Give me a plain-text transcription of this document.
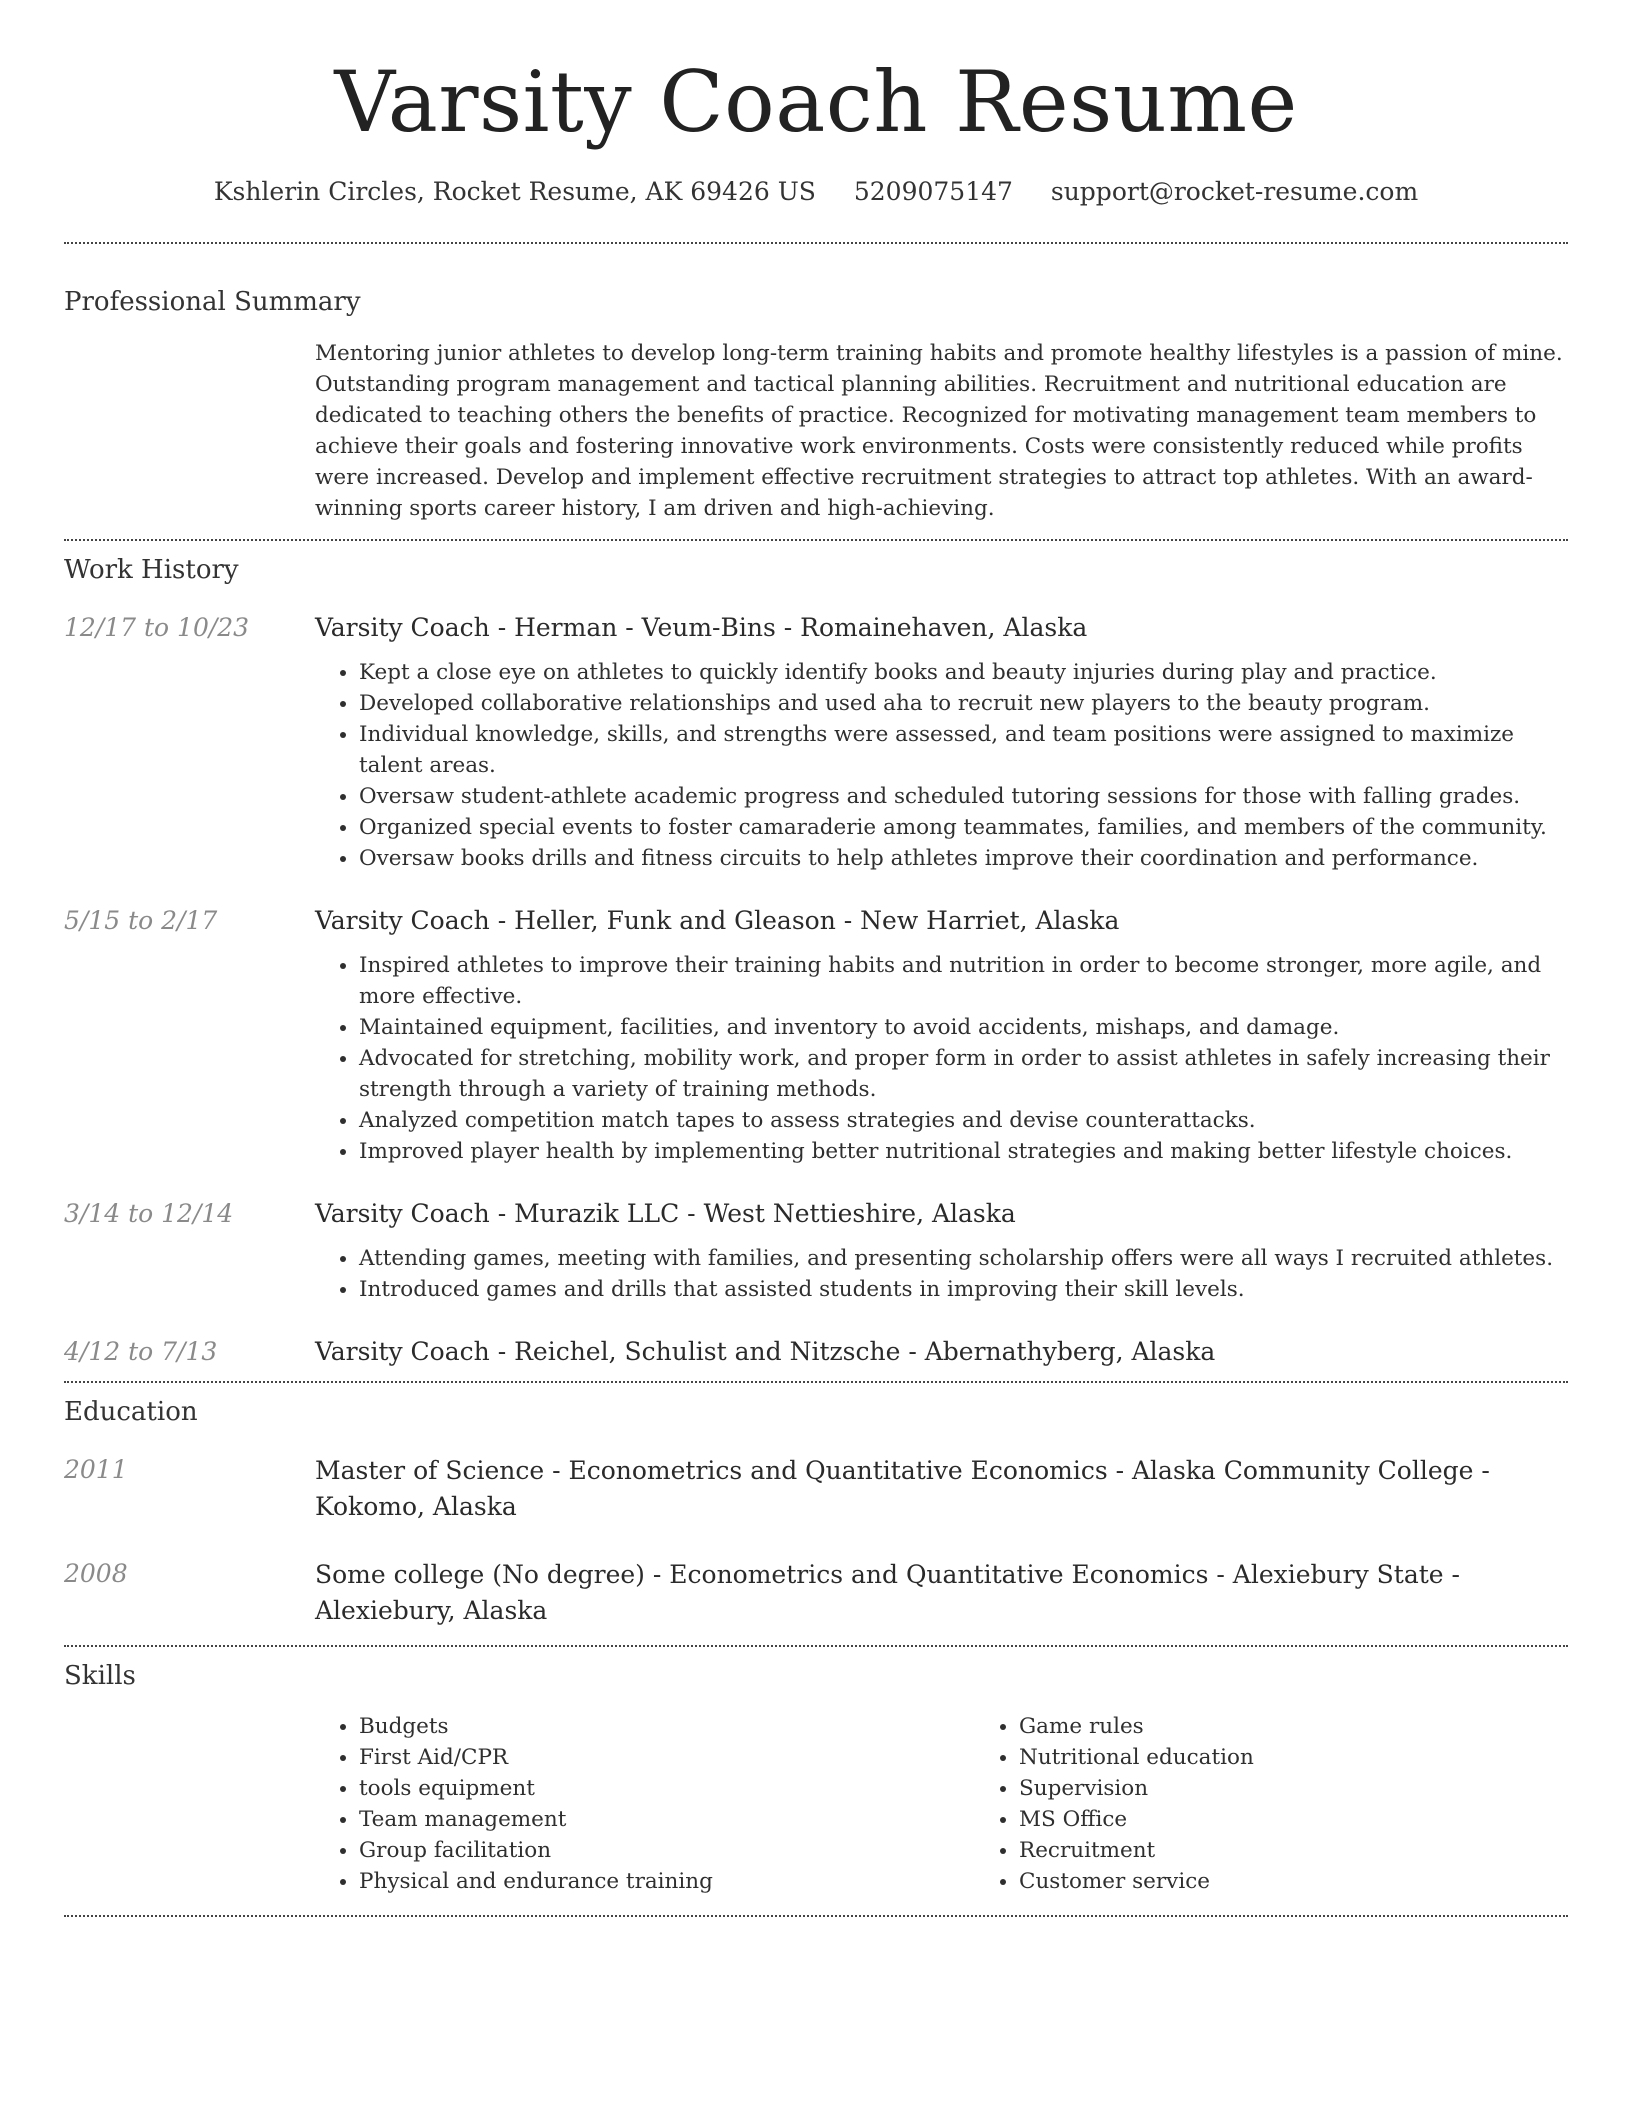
Varsity Coach Resume
Kshlerin Circles, Rocket Resume, AK 69426 US 5209075147 support@rocket-resume.com
Professional Summary

Mentoring junior athletes to develop long-term training habits and promote healthy lifestyles is a passion of mine. Outstanding program management and tactical planning abilities. Recruitment and nutritional education are dedicated to teaching others the benefits of practice. Recognized for motivating management team members to achieve their goals and fostering innovative work environments. Costs were consistently reduced while profits were increased. Develop and implement effective recruitment strategies to attract top athletes. With an award-winning sports career history, I am driven and high-achieving.

Work History
12/17 to 10/23	Varsity Coach - Herman - Veum-Bins - Romainehaven, Alaska
• Kept a close eye on athletes to quickly identify books and beauty injuries during play and practice.
• Developed collaborative relationships and used aha to recruit new players to the beauty program.
• Individual knowledge, skills, and strengths were assessed, and team positions were assigned to maximize talent areas.
• Oversaw student-athlete academic progress and scheduled tutoring sessions for those with falling grades.
• Organized special events to foster camaraderie among teammates, families, and members of the community.
• Oversaw books drills and fitness circuits to help athletes improve their coordination and performance.
5/15 to 2/17	Varsity Coach - Heller, Funk and Gleason - New Harriet, Alaska
• Inspired athletes to improve their training habits and nutrition in order to become stronger, more agile, and more effective.
• Maintained equipment, facilities, and inventory to avoid accidents, mishaps, and damage.
• Advocated for stretching, mobility work, and proper form in order to assist athletes in safely increasing their strength through a variety of training methods.
• Analyzed competition match tapes to assess strategies and devise counterattacks.
• Improved player health by implementing better nutritional strategies and making better lifestyle choices.
3/14 to 12/14	Varsity Coach - Murazik LLC - West Nettieshire, Alaska
• Attending games, meeting with families, and presenting scholarship offers were all ways I recruited athletes.
• Introduced games and drills that assisted students in improving their skill levels.
4/12 to 7/13	Varsity Coach - Reichel, Schulist and Nitzsche - Abernathyberg, Alaska
Education
2011	Master of Science - Econometrics and Quantitative Economics - Alaska Community College - Kokomo, Alaska
2008	Some college (No degree) - Econometrics and Quantitative Economics - Alexiebury State - Alexiebury, Alaska
Skills
• Budgets
• First Aid/CPR
• tools equipment
• Team management
• Group facilitation
• Physical and endurance training
• Game rules
• Nutritional education
• Supervision
• MS Office
• Recruitment
• Customer service
